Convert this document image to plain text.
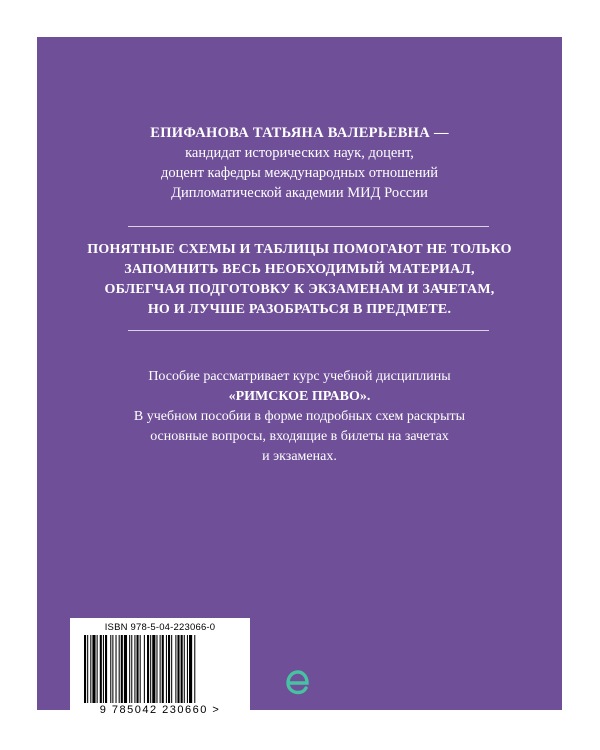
ЕПИФАНОВА ТАТЬЯНА ВАЛЕРЬЕВНА —
кандидат исторических наук, доцент,
доцент кафедры международных отношений
Дипломатической академии МИД России
ПОНЯТНЫЕ СХЕМЫ И ТАБЛИЦЫ ПОМОГАЮТ НЕ ТОЛЬКО
ЗАПОМНИТЬ ВЕСЬ НЕОБХОДИМЫЙ МАТЕРИАЛ,
ОБЛЕГЧАЯ ПОДГОТОВКУ К ЭКЗАМЕНАМ И ЗАЧЕТАМ,
НО И ЛУЧШЕ РАЗОБРАТЬСЯ В ПРЕДМЕТЕ.
Пособие рассматривает курс учебной дисциплины
«РИМСКОЕ ПРАВО».
В учебном пособии в форме подробных схем раскрыты
основные вопросы, входящие в билеты на зачетах
и экзаменах.
ISBN 978-5-04-223066-0
9 785042 230660 >
